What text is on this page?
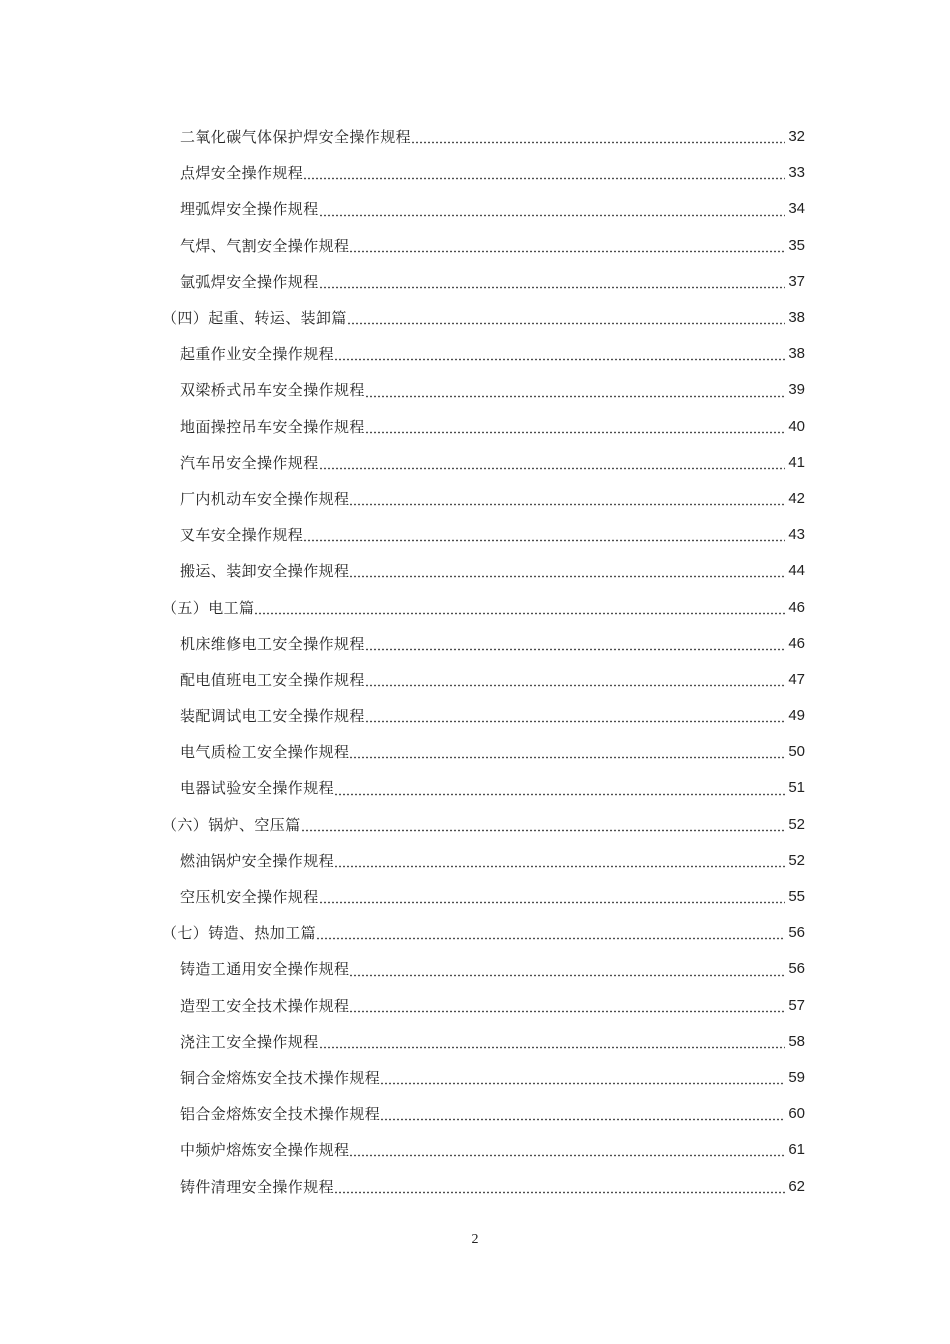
二氧化碳气体保护焊安全操作规程	32
点焊安全操作规程	33
埋弧焊安全操作规程	34
气焊、气割安全操作规程	35
氩弧焊安全操作规程	37
（四）起重、转运、装卸篇	38
起重作业安全操作规程	38
双梁桥式吊车安全操作规程	39
地面操控吊车安全操作规程	40
汽车吊安全操作规程	41
厂内机动车安全操作规程	42
叉车安全操作规程	43
搬运、装卸安全操作规程	44
（五）电工篇	46
机床维修电工安全操作规程	46
配电值班电工安全操作规程	47
装配调试电工安全操作规程	49
电气质检工安全操作规程	50
电器试验安全操作规程	51
（六）锅炉、空压篇	52
燃油锅炉安全操作规程	52
空压机安全操作规程	55
（七）铸造、热加工篇	56
铸造工通用安全操作规程	56
造型工安全技术操作规程	57
浇注工安全操作规程	58
铜合金熔炼安全技术操作规程	59
铝合金熔炼安全技术操作规程	60
中频炉熔炼安全操作规程	61
铸件清理安全操作规程	62
2
